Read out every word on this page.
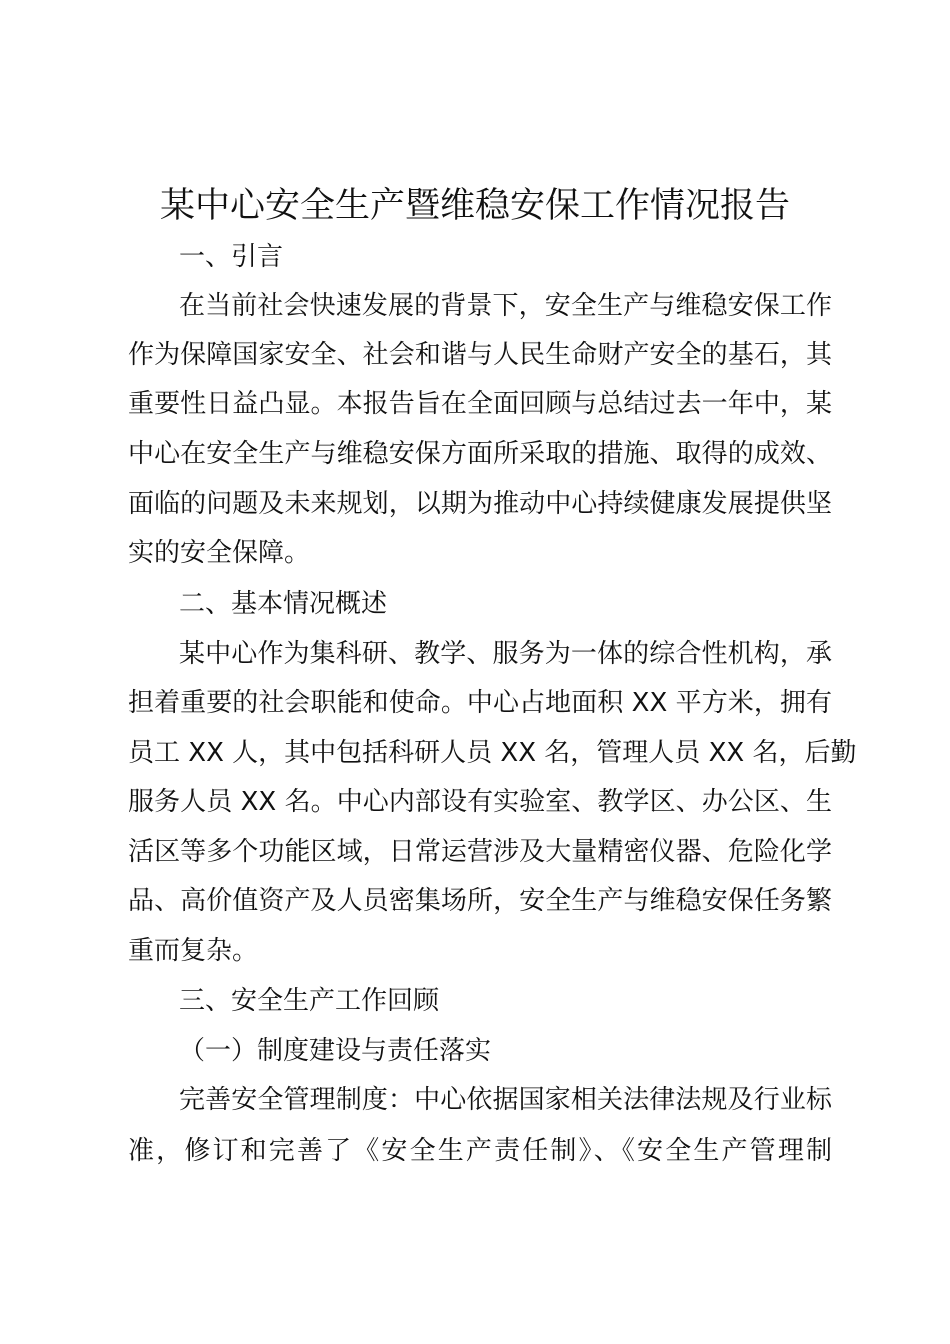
某中心安全生产暨维稳安保工作情况报告
一、引言
在当前社会快速发展的背景下，安全生产与维稳安保工作
作为保障国家安全、社会和谐与人民生命财产安全的基石，其
重要性日益凸显。本报告旨在全面回顾与总结过去一年中，某
中心在安全生产与维稳安保方面所采取的措施、取得的成效、
面临的问题及未来规划，以期为推动中心持续健康发展提供坚
实的安全保障。
二、基本情况概述
某中心作为集科研、教学、服务为一体的综合性机构，承
担着重要的社会职能和使命。中心占地面积 XX 平方米，拥有
员工 XX 人，其中包括科研人员 XX 名，管理人员 XX 名，后勤
服务人员 XX 名。中心内部设有实验室、教学区、办公区、生
活区等多个功能区域，日常运营涉及大量精密仪器、危险化学
品、高价值资产及人员密集场所，安全生产与维稳安保任务繁
重而复杂。
三、安全生产工作回顾
（一）制度建设与责任落实
完善安全管理制度：中心依据国家相关法律法规及行业标
准，修订和完善了《安全生产责任制》、《安全生产管理制
